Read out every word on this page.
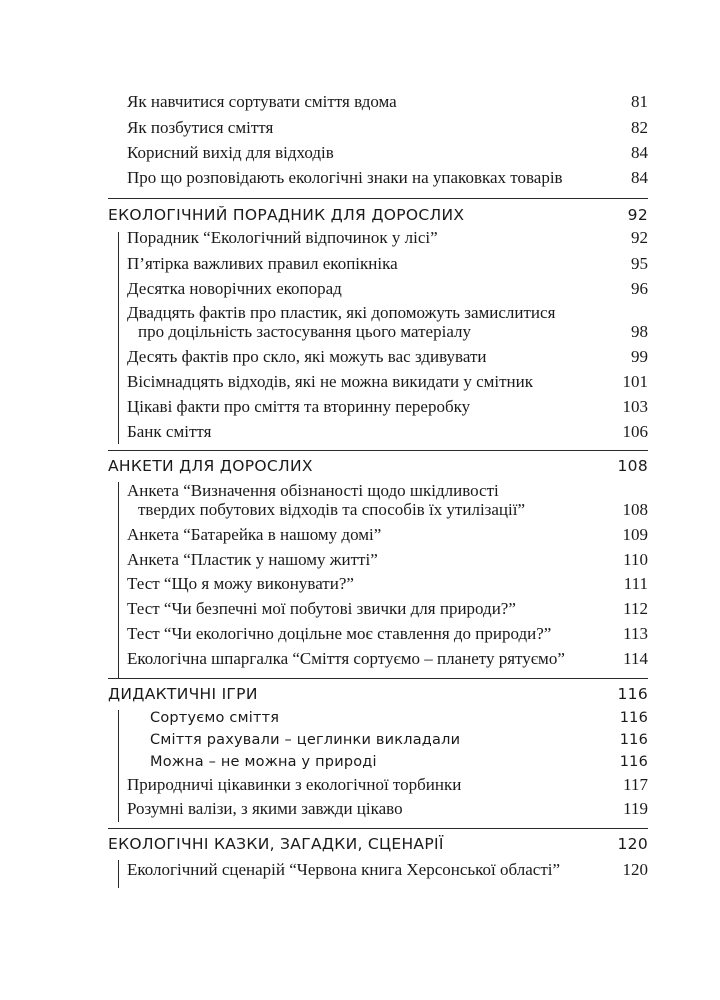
Як навчитися сортувати сміття вдома	81
Як позбутися сміття	82
Корисний вихід для відходів	84
Про що розповідають екологічні знаки на упаковках товарів	84
ЕКОЛОГІЧНИЙ ПОРАДНИК ДЛЯ ДОРОСЛИХ	92
Порадник “Екологічний відпочинок у лісі”	92
П’ятірка важливих правил екопікніка	95
Десятка новорічних екопорад	96
Двадцять фактів про пластик, які допоможуть замислитися
про доцільність застосування цього матеріалу	98
Десять фактів про скло, які можуть вас здивувати	99
Вісімнадцять відходів, які не можна викидати у смітник	101
Цікаві факти про сміття та вторинну переробку	103
Банк сміття	106
АНКЕТИ ДЛЯ ДОРОСЛИХ	108
Анкета “Визначення обізнаності щодо шкідливості
твердих побутових відходів та способів їх утилізації”	108
Анкета “Батарейка в нашому домі”	109
Анкета “Пластик у нашому житті”	110
Тест “Що я можу виконувати?”	111
Тест “Чи безпечні мої побутові звички для природи?”	112
Тест “Чи екологічно доцільне моє ставлення до природи?”	113
Екологічна шпаргалка “Сміття сортуємо – планету рятуємо”	114
ДИДАКТИЧНІ ІГРИ	116
Сортуємо сміття	116
Сміття рахували – цеглинки викладали	116
Можна – не можна у природі	116
Природничі цікавинки з екологічної торбинки	117
Розумні валізи, з якими завжди цікаво	119
ЕКОЛОГІЧНІ КАЗКИ, ЗАГАДКИ, СЦЕНАРІЇ	120
Екологічний сценарій “Червона книга Херсонської області”	120
